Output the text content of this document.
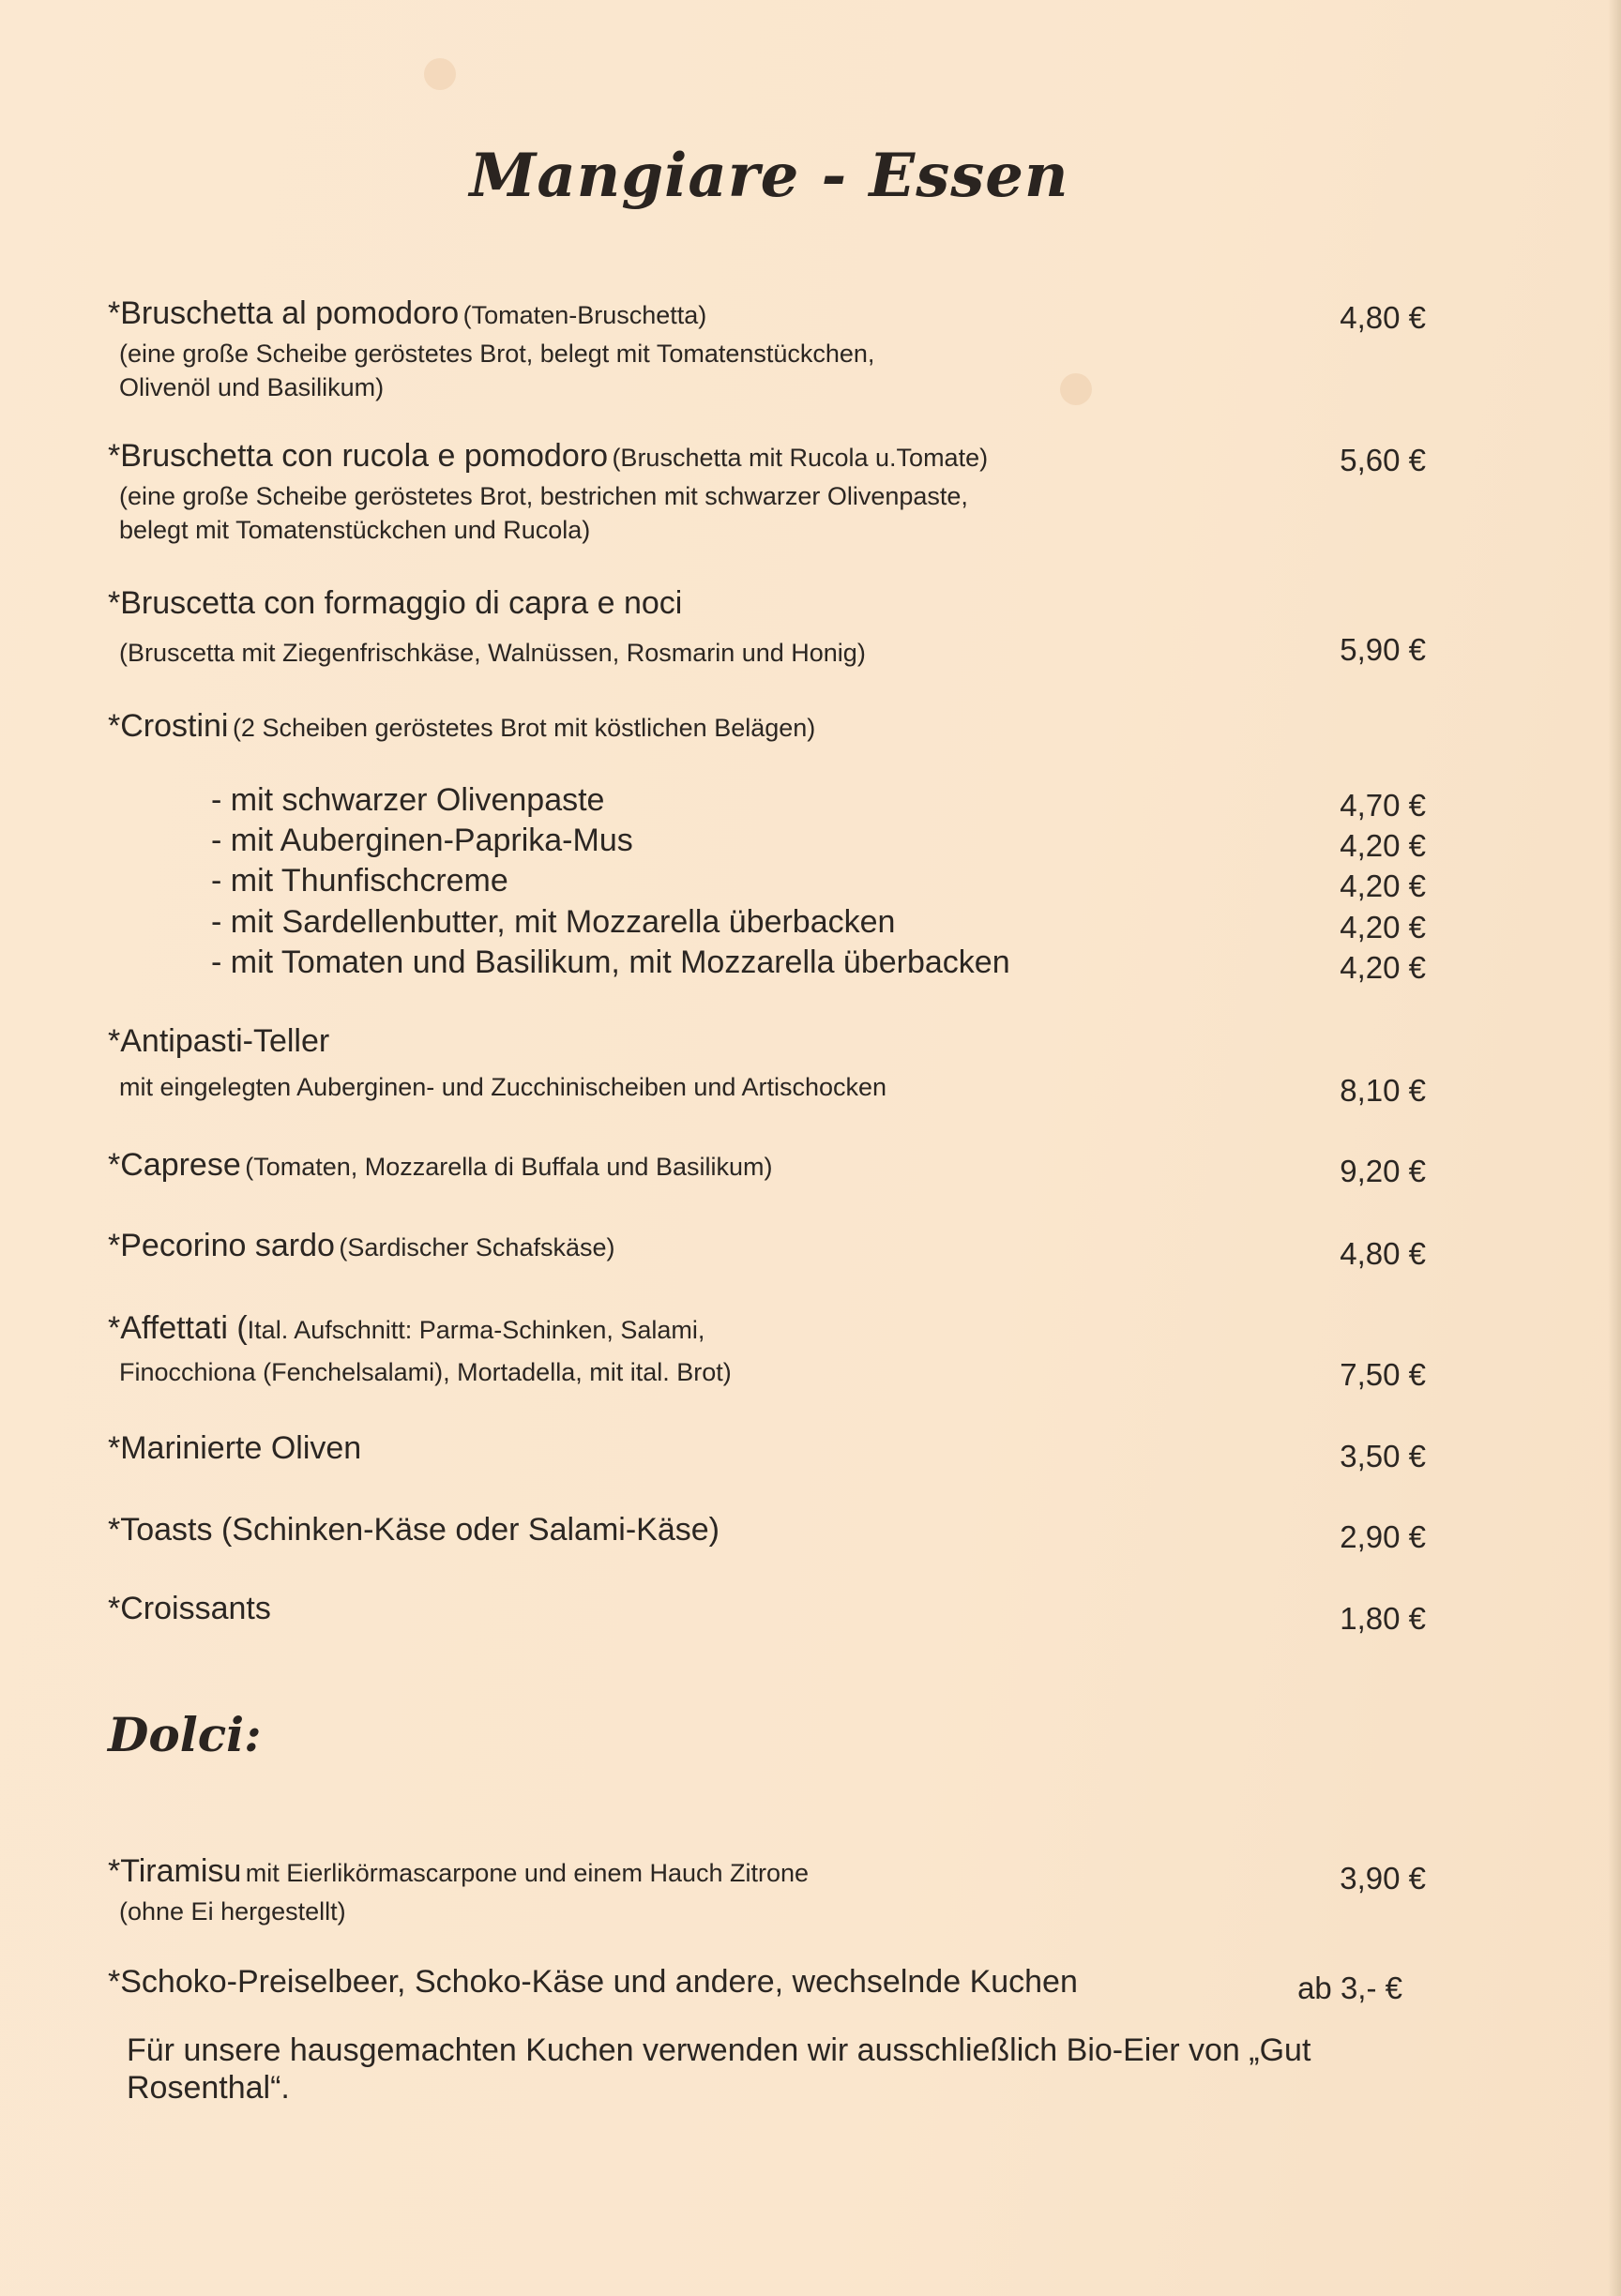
Mangiare - Essen
*Bruschetta al pomodoro (Tomaten-Bruschetta)
(eine große Scheibe geröstetes Brot, belegt mit Tomatenstückchen,
Olivenöl und Basilikum)
4,80 €
*Bruschetta con rucola e pomodoro (Bruschetta mit Rucola u.Tomate)
(eine große Scheibe geröstetes Brot, bestrichen mit schwarzer Olivenpaste,
belegt mit Tomatenstückchen und Rucola)
5,60 €
*Bruscetta con formaggio di capra e noci
(Bruscetta mit Ziegenfrischkäse, Walnüssen, Rosmarin und Honig)	5,90 €
*Crostini (2 Scheiben geröstetes Brot mit köstlichen Belägen)
- mit schwarzer Olivenpaste	4,70 €
- mit Auberginen-Paprika-Mus	4,20 €
- mit Thunfischcreme	4,20 €
- mit Sardellenbutter, mit Mozzarella überbacken	4,20 €
- mit Tomaten und Basilikum, mit Mozzarella überbacken	4,20 €
*Antipasti-Teller
mit eingelegten Auberginen- und Zucchinischeiben und Artischocken	8,10 €
*Caprese (Tomaten, Mozzarella di Buffala und Basilikum)	9,20 €
*Pecorino sardo (Sardischer Schafskäse)	4,80 €
*Affettati (Ital. Aufschnitt: Parma-Schinken, Salami,
Finocchiona (Fenchelsalami), Mortadella, mit ital. Brot)	7,50 €
*Marinierte Oliven	3,50 €
*Toasts (Schinken-Käse oder Salami-Käse)	2,90 €
*Croissants	1,80 €
Dolci:
*Tiramisu mit Eierlikörmascarpone und einem Hauch Zitrone
(ohne Ei hergestellt)
3,90 €
*Schoko-Preiselbeer, Schoko-Käse und andere, wechselnde Kuchen	ab 3,- €
Für unsere hausgemachten Kuchen verwenden wir ausschließlich Bio-Eier von „Gut Rosenthal“.
